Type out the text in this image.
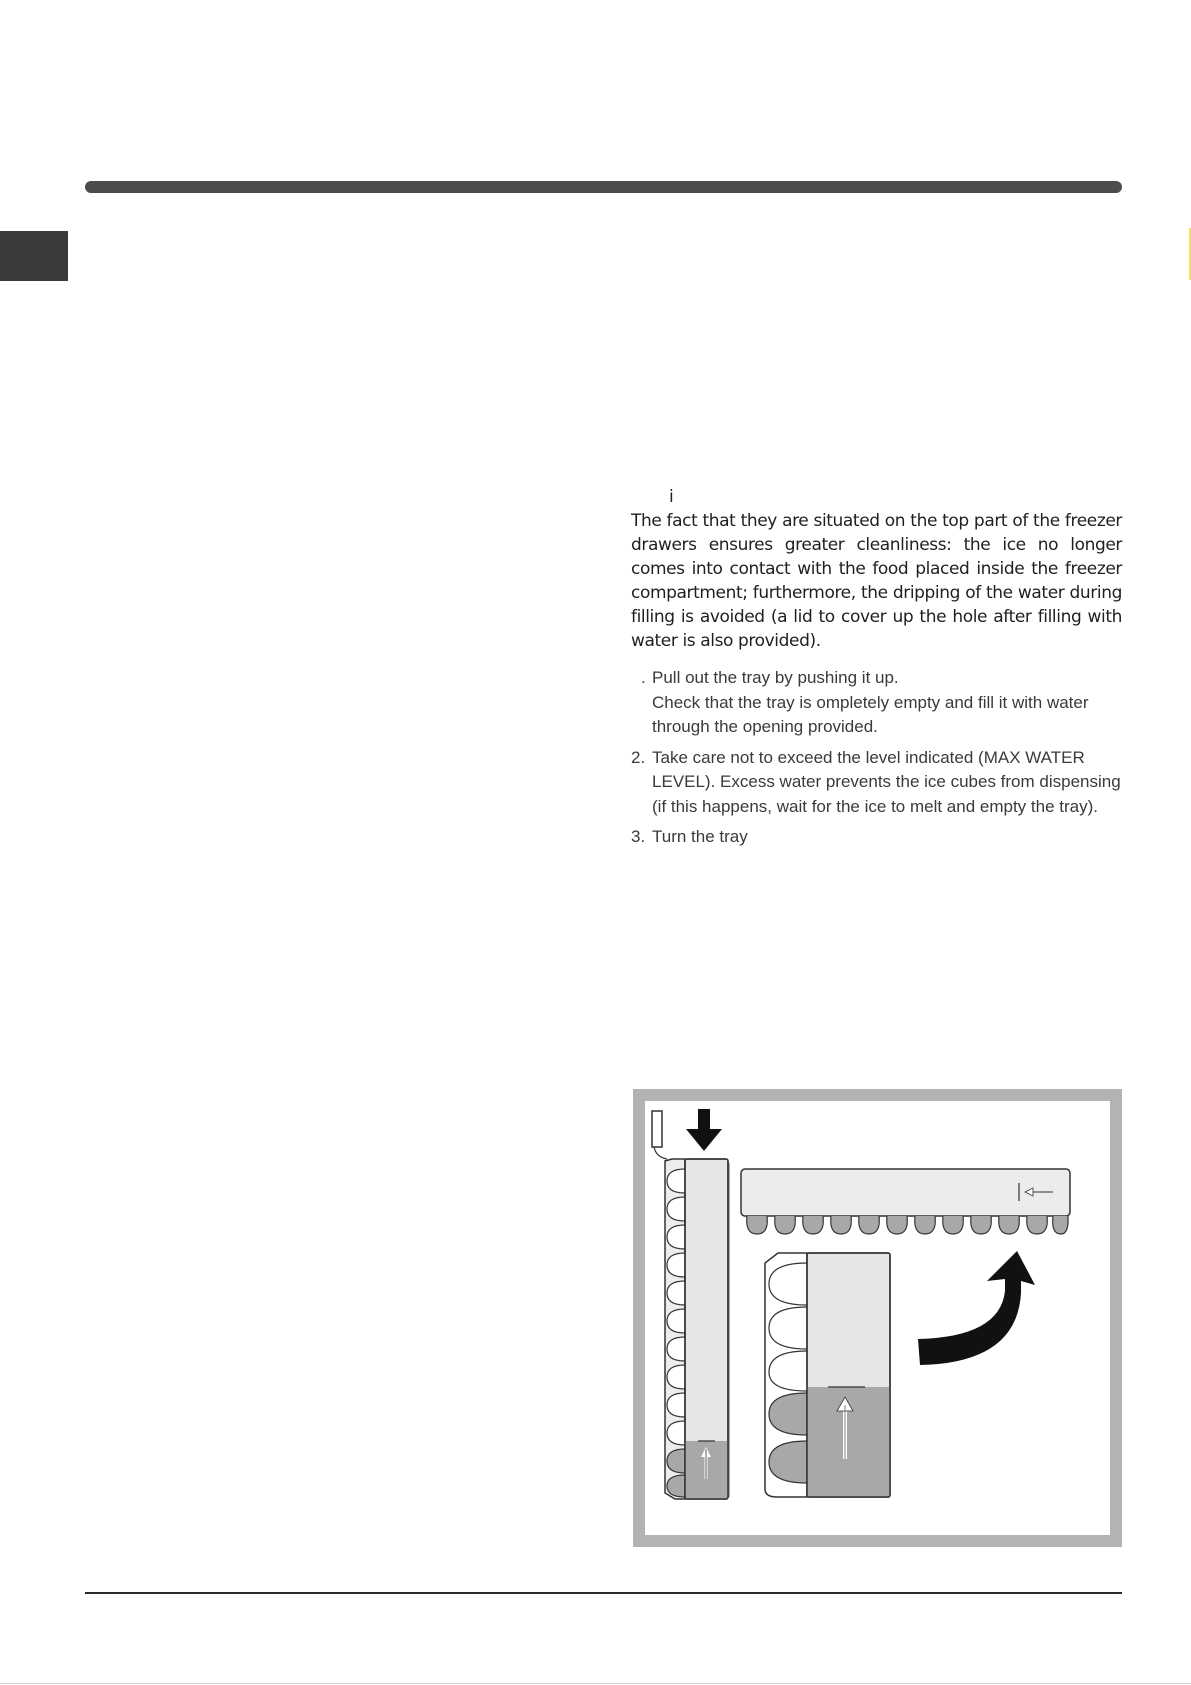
i

The fact that they are situated on the top part of the freezer drawers ensures greater cleanliness: the ice no longer comes into contact with the food placed inside the freezer compartment; furthermore, the dripping of the water during filling is avoided (a lid to cover up the hole after filling with water is also provided).

. Pull out the tray by pushing it up.
Check that the tray is ompletely empty and fill it with water through the opening provided.
2. Take care not to exceed the level indicated (MAX WATER LEVEL). Excess water prevents the ice cubes from dispensing (if this happens, wait for the ice to melt and empty the tray).
3. Turn the tray
